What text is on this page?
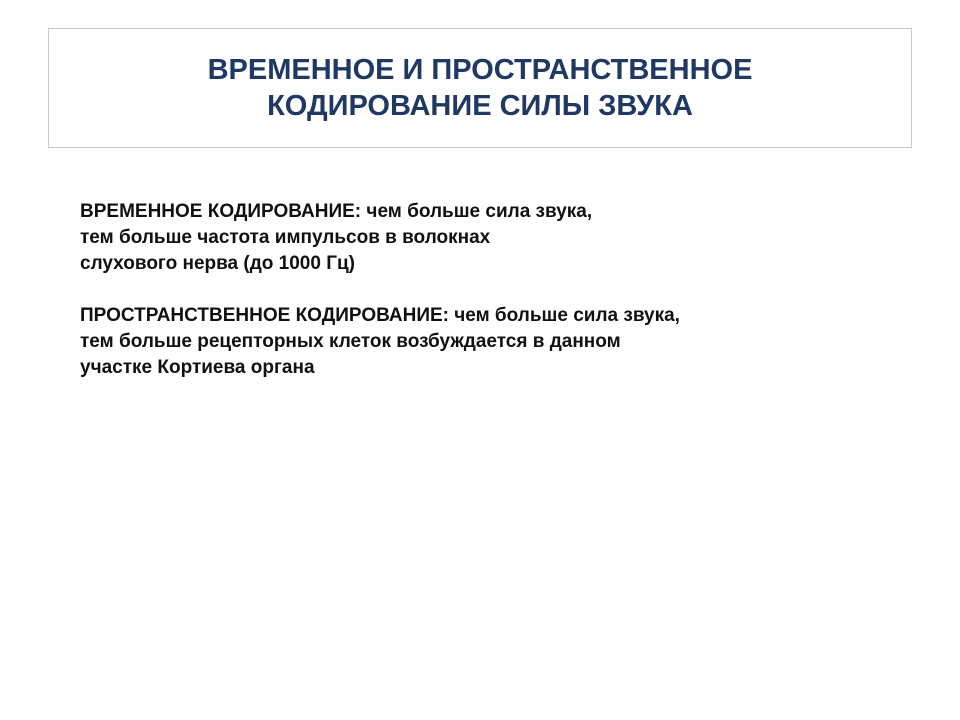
ВРЕМЕННОЕ И ПРОСТРАНСТВЕННОЕ
КОДИРОВАНИЕ СИЛЫ ЗВУКА
ВРЕМЕННОЕ КОДИРОВАНИЕ: чем больше сила звука,
тем больше частота импульсов в волокнах
слухового нерва (до 1000 Гц)
ПРОСТРАНСТВЕННОЕ КОДИРОВАНИЕ: чем больше сила звука,
тем больше рецепторных клеток возбуждается в данном
участке Кортиева органа
